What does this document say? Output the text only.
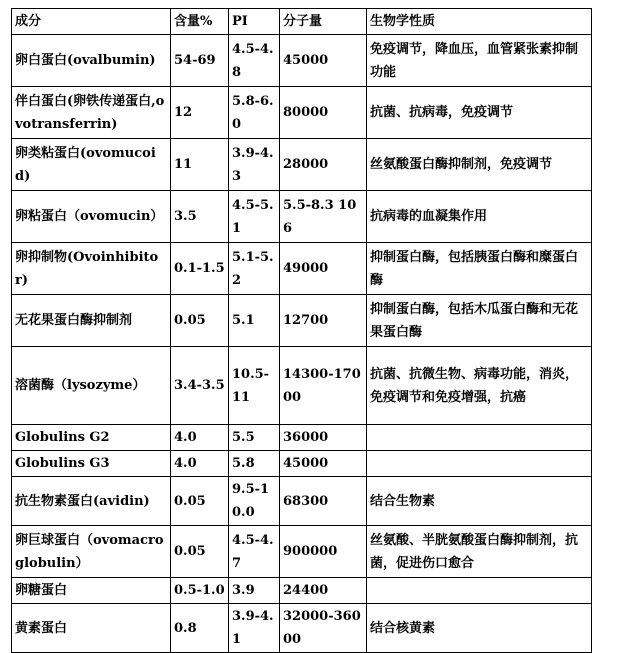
成分	含量%	PI	分子量	生物学性质
卵白蛋白(ovalbumin)	54-69	4.5-4.8	45000	免疫调节，降血压，血管紧张素抑制功能
伴白蛋白(卵铁传递蛋白,ovotransferrin)	12	5.8-6.0	80000	抗菌、抗病毒，免疫调节
卵类粘蛋白(ovomucoid)	11	3.9-4.3	28000	丝氨酸蛋白酶抑制剂，免疫调节
卵粘蛋白（ovomucin）	3.5	4.5-5.1	5.5-8.3 106	抗病毒的血凝集作用
卵抑制物(Ovoinhibitor)	0.1-1.5	5.1-5.2	49000	抑制蛋白酶，包括胰蛋白酶和糜蛋白酶
无花果蛋白酶抑制剂	0.05	5.1	12700	抑制蛋白酶，包括木瓜蛋白酶和无花果蛋白酶
溶菌酶（lysozyme）	3.4-3.5	10.5-11	14300-17000	抗菌、抗微生物、病毒功能，消炎，免疫调节和免疫增强，抗癌
Globulins G2	4.0	5.5	36000	
Globulins G3	4.0	5.8	45000	
抗生物素蛋白(avidin)	0.05	9.5-10.0	68300	结合生物素
卵巨球蛋白（ovomacroglobulin）	0.05	4.5-4.7	900000	丝氨酸、半胱氨酸蛋白酶抑制剂，抗菌，促进伤口愈合
卵糖蛋白	0.5-1.0	3.9	24400	
黄素蛋白	0.8	3.9-4.1	32000-36000	结合核黄素
